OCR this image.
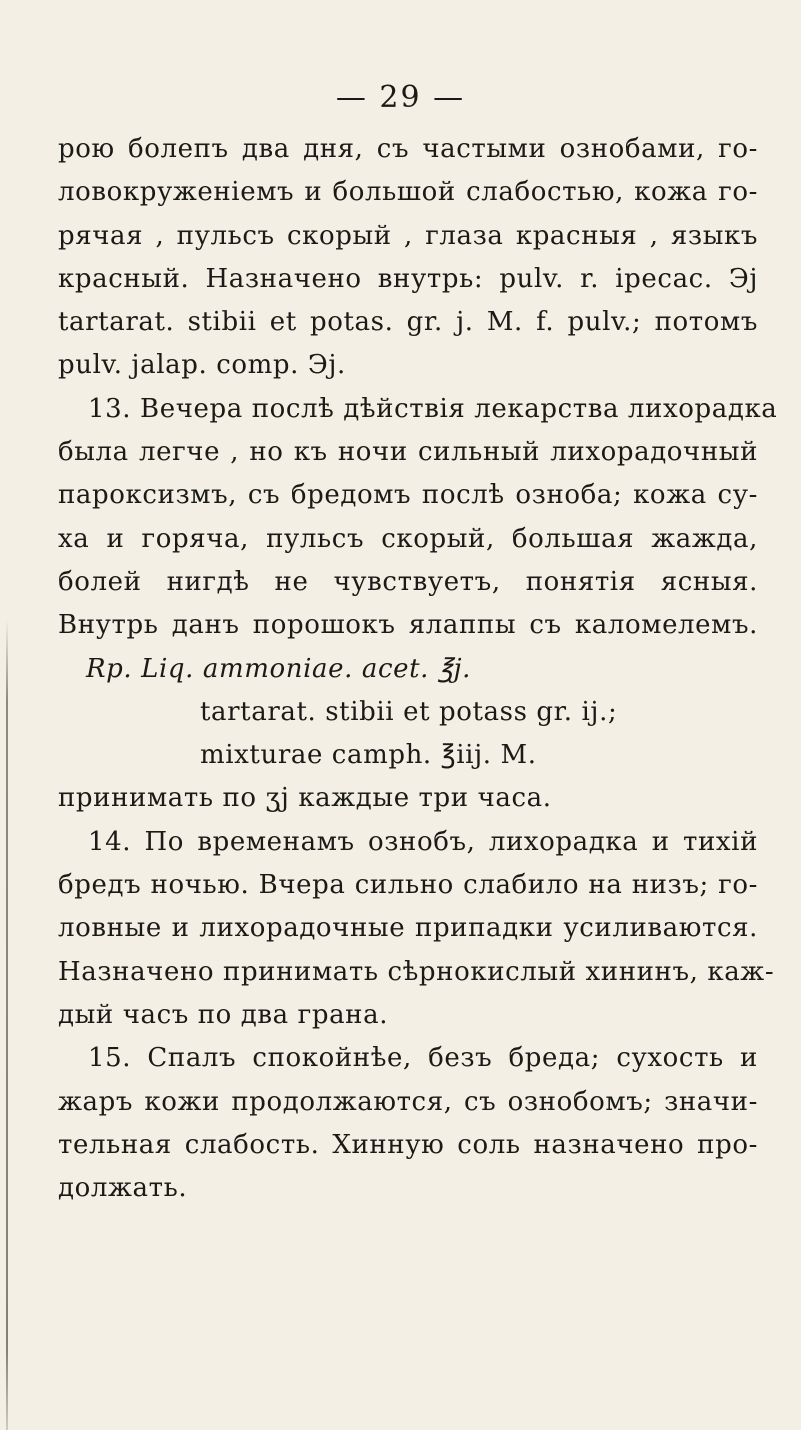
— 29 —
рою болепъ два дня, съ частыми ознобами, го-
ловокруженіемъ и большой слабостью, кожа го-
рячая , пульсъ скорый , глаза красныя , языкъ
красный. Назначено внутрь: pulv. r. ipecac. Эj
tartarat. stibii et potas. gr. j. M. f. pulv.; потомъ
pulv. jalap. comp. Эj.
13. Вечера послѣ дѣйствія лекарства лихорадка
была легче , но къ ночи сильный лихорадочный
пароксизмъ, съ бредомъ послѣ озноба; кожа су-
ха и горяча, пульсъ скорый, большая жажда,
болей нигдѣ не чувствуетъ, понятія ясныя.
Внутрь данъ порошокъ ялаппы съ каломелемъ.
Rp. Liq. ammoniae. acet. ℥j.
tartarat. stibii et potass gr. ij.;
mixturae camph. ℥iij. M.
принимать по ʒj каждые три часа.
14. По временамъ ознобъ, лихорадка и тихій
бредъ ночью. Вчера сильно слабило на низъ; го-
ловные и лихорадочные припадки усиливаются.
Назначено принимать сѣрнокислый хининъ, каж-
дый часъ по два грана.
15. Спалъ спокойнѣе, безъ бреда; сухость и
жаръ кожи продолжаются, съ ознобомъ; значи-
тельная слабость. Хинную соль назначено про-
должать.
